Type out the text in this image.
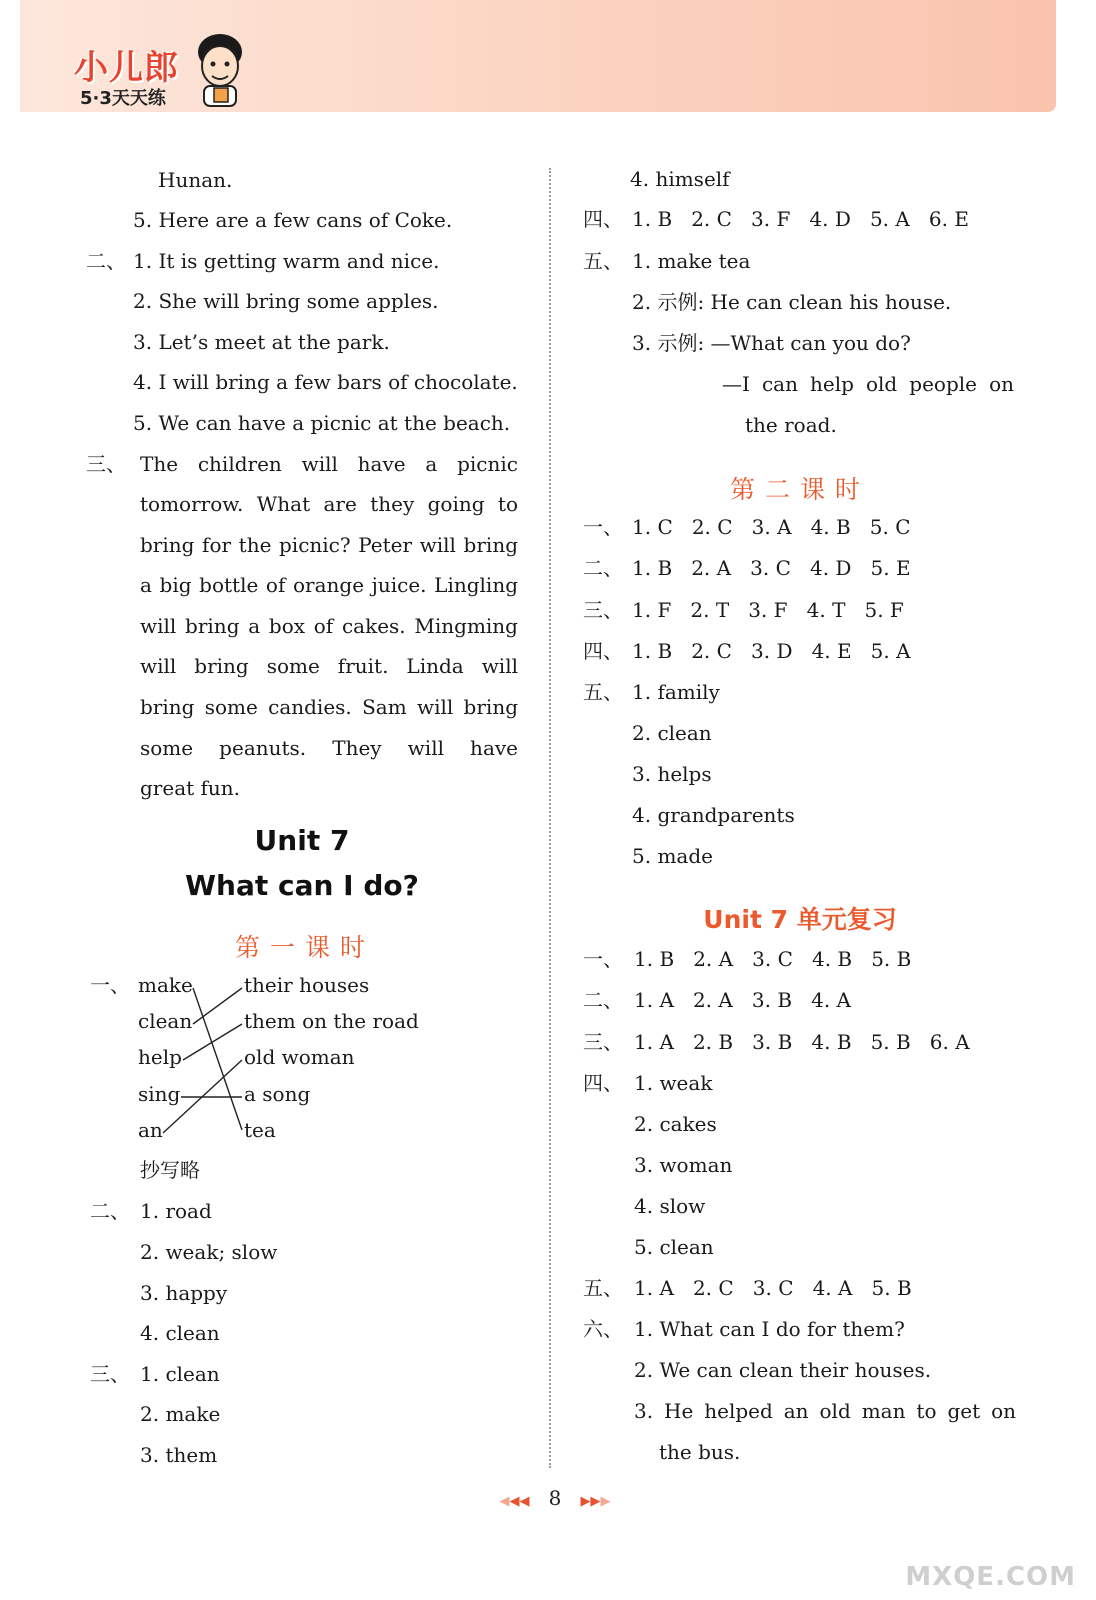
小儿郎
5·3天天练
Hunan.
5. Here are a few cans of Coke.
二、 1. It is getting warm and nice.
2. She will bring some apples.
3. Let’s meet at the park.
4. I will bring a few bars of chocolate.
5. We can have a picnic at the beach.
三、 The children will have a picnic
tomorrow. What are they going to
bring for the picnic? Peter will bring
a big bottle of orange juice. Lingling
will bring a box of cakes. Mingming
will bring some fruit. Linda will
bring some candies. Sam will bring
some peanuts. They will have
great fun.
Unit 7
What can I do?
第一课时
一、 make
clean
help
sing
an
their houses
them on the road
old woman
a song
tea
抄写略
二、 1. road
2. weak; slow
3. happy
4. clean
三、 1. clean
2. make
3. them
4. himself
四、 1. B   2. C   3. F   4. D   5. A   6. E
五、 1. make tea
2. 示例: He can clean his house.
3. 示例: —What can you do?
—I can help old people on
the road.
第二课时
一、 1. C   2. C   3. A   4. B   5. C
二、 1. B   2. A   3. C   4. D   5. E
三、 1. F   2. T   3. F   4. T   5. F
四、 1. B   2. C   3. D   4. E   5. A
五、 1. family
2. clean
3. helps
4. grandparents
5. made
Unit 7 单元复习
一、 1. B   2. A   3. C   4. B   5. B
二、 1. A   2. A   3. B   4. A
三、 1. A   2. B   3. B   4. B   5. B   6. A
四、 1. weak
2. cakes
3. woman
4. slow
5. clean
五、 1. A   2. C   3. C   4. A   5. B
六、 1. What can I do for them?
2. We can clean their houses.
3. He helped an old man to get on
the bus.
◀◀◀ 8 ▶▶▶
MXQE.COM
